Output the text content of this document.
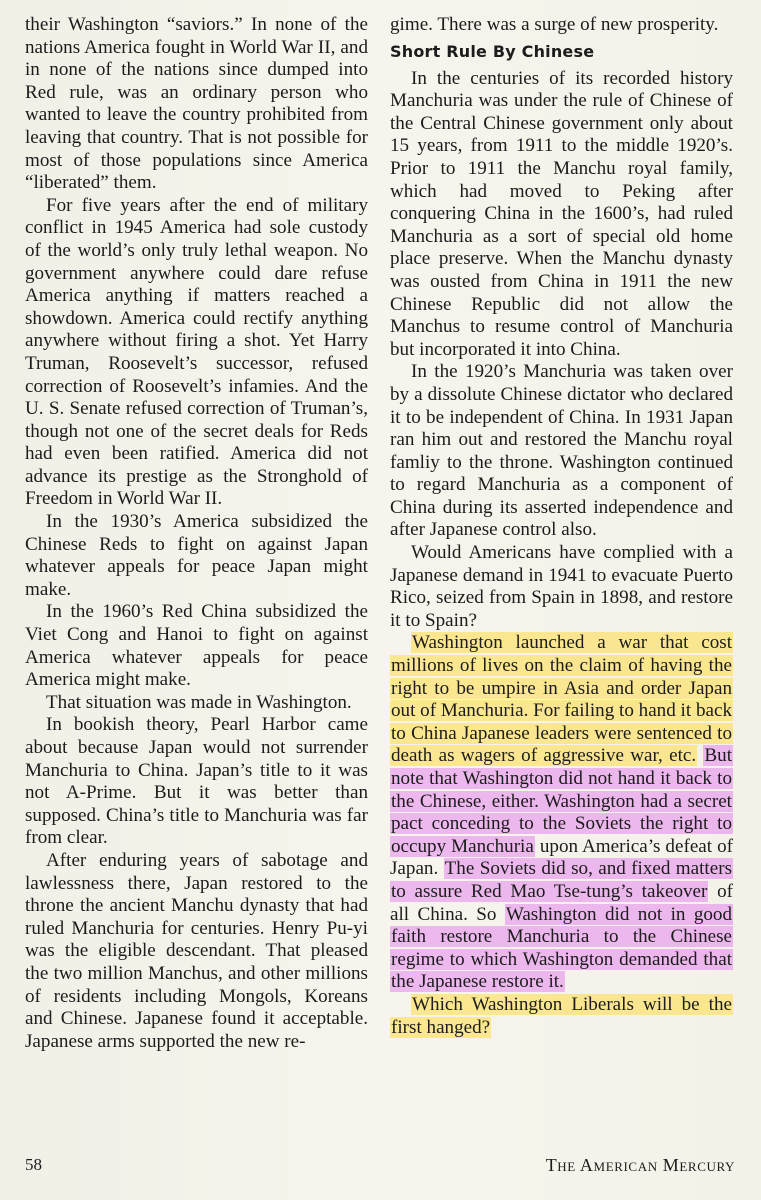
their Washington “saviors.” In none of the nations America fought in World War II, and in none of the nations since dumped into Red rule, was an ordinary person who wanted to leave the country prohibited from leaving that country. That is not possible for most of those populations since America “liberated” them.

For five years after the end of military conflict in 1945 America had sole custody of the world’s only truly lethal weapon. No government anywhere could dare refuse America anything if matters reached a showdown. America could rectify anything anywhere without firing a shot. Yet Harry Truman, Roosevelt’s successor, refused correction of Roosevelt’s infamies. And the U. S. Senate refused correction of Truman’s, though not one of the secret deals for Reds had even been ratified. America did not advance its prestige as the Stronghold of Freedom in World War II.

In the 1930’s America subsidized the Chinese Reds to fight on against Japan whatever appeals for peace Japan might make.

In the 1960’s Red China subsidized the Viet Cong and Hanoi to fight on against America whatever appeals for peace America might make.

That situation was made in Washington.

In bookish theory, Pearl Harbor came about because Japan would not surrender Manchuria to China. Japan’s title to it was not A-Prime. But it was better than supposed. China’s title to Manchuria was far from clear.

After enduring years of sabotage and lawlessness there, Japan restored to the throne the ancient Manchu dynasty that had ruled Manchuria for centuries. Henry Pu-yi was the eligible descendant. That pleased the two million Manchus, and other millions of residents including Mongols, Koreans and Chinese. Japanese found it acceptable. Japanese arms supported the new re-

gime. There was a surge of new prosperity.

Short Rule By Chinese

In the centuries of its recorded history Manchuria was under the rule of Chinese of the Central Chinese government only about 15 years, from 1911 to the middle 1920’s. Prior to 1911 the Manchu royal family, which had moved to Peking after conquering China in the 1600’s, had ruled Manchuria as a sort of special old home place preserve. When the Manchu dynasty was ousted from China in 1911 the new Chinese Republic did not allow the Manchus to resume control of Manchuria but incorporated it into China.

In the 1920’s Manchuria was taken over by a dissolute Chinese dictator who declared it to be independent of China. In 1931 Japan ran him out and restored the Manchu royal famliy to the throne. Washington continued to regard Manchuria as a component of China during its asserted independence and after Japanese control also.

Would Americans have complied with a Japanese demand in 1941 to evacuate Puerto Rico, seized from Spain in 1898, and restore it to Spain?

Washington launched a war that cost millions of lives on the claim of having the right to be umpire in Asia and order Japan out of Manchuria. For failing to hand it back to China Japanese leaders were sentenced to death as wagers of aggressive war, etc. But note that Washington did not hand it back to the Chinese, either. Washington had a secret pact conceding to the Soviets the right to occupy Manchuria upon America’s defeat of Japan. The Soviets did so, and fixed matters to assure Red Mao Tse-tung’s takeover of all China. So Washington did not in good faith restore Manchuria to the Chinese regime to which Washington demanded that the Japanese restore it.

Which Washington Liberals will be the first hanged?

58	The American Mercury
